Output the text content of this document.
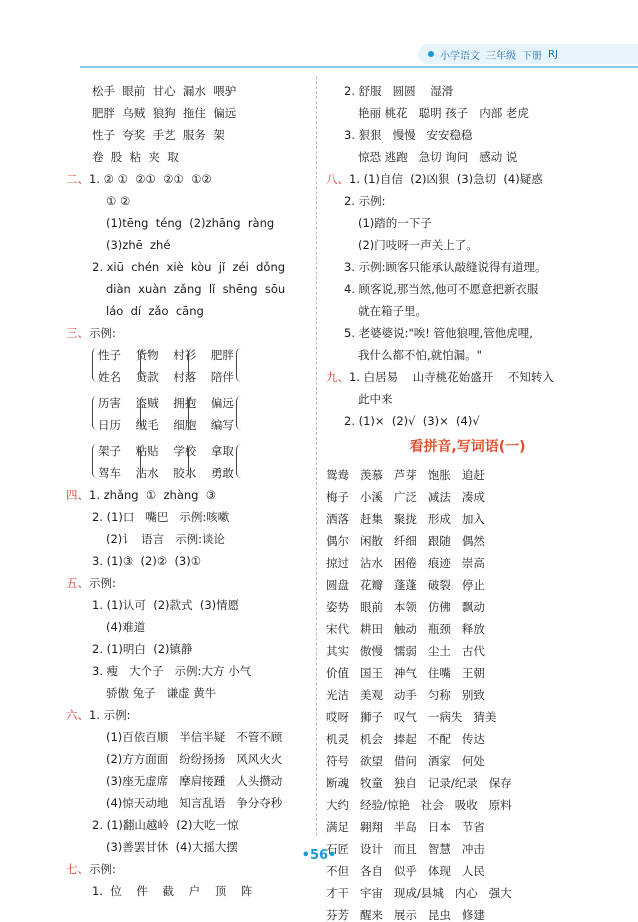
小学语文 三年级 下册 RJ
松手  眼前  甘心  漏水  喂驴
肥胖  乌贼  狼狗  拖住  偏远
性子  夸奖  手艺  服务  架
卷  股  粘  夹  取
二、1. ② ①  ②①  ②①  ①②
① ②
(1)tēng  téng  (2)zhāng  ràng
(3)zhē  zhé
2. xiū  chén  xiè  kòu  jǐ  zéi  dǒng
diàn  xuàn  zǎng  lǐ  shēng  sōu
láo  dí  zǎo  cāng
三、示例:
性子    货物    村衫    肥胖
姓名    贷款    村落    陪伴
历害    盗贼    拥抱    偏远
日历    绒毛    细胞    编写
架子    粘贴    学校    拿取
驾车    沾水    胶水    勇敢
四、1. zhǎng  ①  zhàng  ③
2. (1)口   嘴巴   示例:咳嗽
(2)讠  语言   示例:谈论
3. (1)③  (2)②  (3)①
五、示例:
1. (1)认可  (2)款式  (3)情愿
(4)难道
2. (1)明白  (2)镇静
3. 瘦   大个子   示例:大方 小气
骄傲 兔子   谦虚 黄牛
六、1. 示例:
(1)百依百顺   半信半疑   不管不顾
(2)方方面面   纷纷扬扬   风风火火
(3)座无虚席   摩肩接踵   人头攒动
(4)惊天动地   知言乱语   争分夺秒
2. (1)翻山越岭  (2)大吃一惊
(3)善罢甘休  (4)大摇大摆
七、示例:
1.  位    件    截    户    顶    阵
2. 舒服   圆圆    湿滑
艳丽 桃花   聪明 孩子   内部 老虎
3. 狠狠   慢慢   安安稳稳
惊恐 逃跑   急切 询问   感动 说
八、1. (1)自信  (2)凶狠  (3)急切  (4)疑惑
2. 示例:
(1)踏的一下子
(2)门吱呀一声关上了。
3. 示例:顾客只能承认敲缝说得有道理。
4. 顾客说,那当然,他可不愿意把新衣服
就在箱子里。
5. 老婆婆说:"唉! 管他狼哩,管他虎哩,
我什么都不怕,就怕漏。"
九、1. 白居易    山寺桃花始盛开    不知转入
此中来
2. (1)×  (2)√  (3)×  (4)√
鸳鸯   羡慕   芦芽   饱胀   追赶
梅子   小溪   广泛   减法   凑成
洒落   赶集   聚拢   形成   加入
偶尔   闲散   纤细   跟随   偶然
掠过   沾水   困倦   痕迹   崇高
圆盘   花瓣   蓬蓬   破裂   停止
姿势   眼前   本领   仿佛   飘动
宋代   耕田   触动   瓶颈   释放
其实   傲慢   懦弱   尘土   古代
价值   国王   神气   住嘴   王朝
光洁   美观   动手   匀称   别致
哎呀   狮子   叹气   一病失   猜美
机灵   机会   捧起   不配   传达
符号   欲望   借问   酒家   何处
断魂   牧童   独自   记录/纪录   保存
大约   经验/惊艳   社会   吸收   原料
满足   翱翔   半岛   日本   节省
石匠   设计   而且   智慧   冲击
不但   各自   似乎   体现   人民
才干   宇宙   现成/县城   内心   强大
芬芳   醒来   展示   昆虫   修建
看拼音,写词语(一)
•56•
